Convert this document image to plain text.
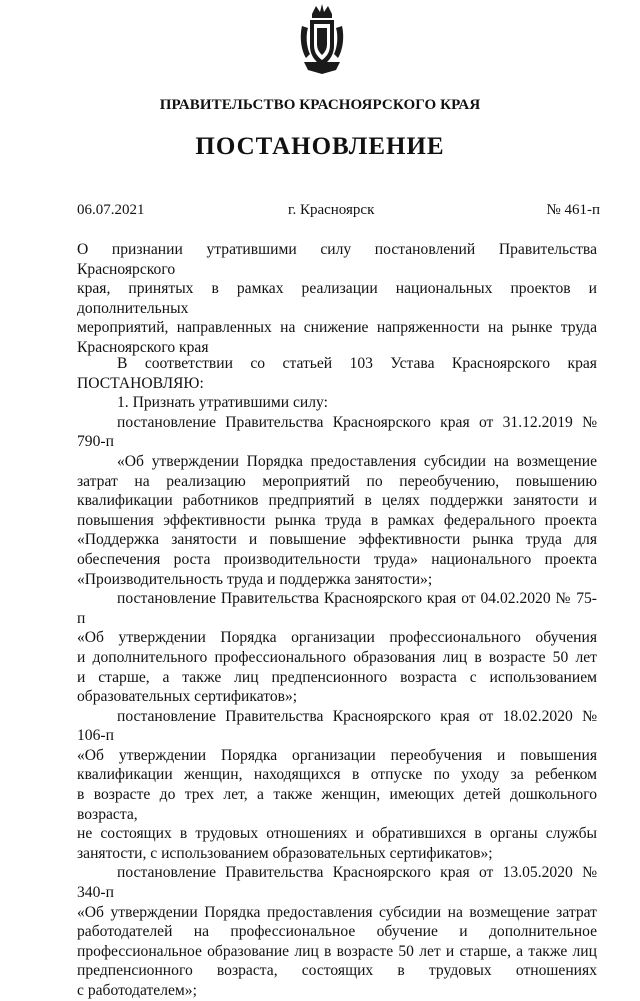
ПРАВИТЕЛЬСТВО КРАСНОЯРСКОГО КРАЯ
ПОСТАНОВЛЕНИЕ
06.07.2021	г. Красноярск	№ 461-п
О признании утратившими силу постановлений Правительства Красноярского
края, принятых в рамках реализации национальных проектов и дополнительных
мероприятий, направленных на снижение напряженности на рынке труда
Красноярского края
В соответствии со статьей 103 Устава Красноярского края
ПОСТАНОВЛЯЮ:
1. Признать утратившими силу:
постановление Правительства Красноярского края от 31.12.2019 № 790-п
«Об утверждении Порядка предоставления субсидии на возмещение
затрат на реализацию мероприятий по переобучению, повышению
квалификации работников предприятий в целях поддержки занятости и
повышения эффективности рынка труда в рамках федерального проекта
«Поддержка занятости и повышение эффективности рынка труда для
обеспечения роста производительности труда» национального проекта
«Производительность труда и поддержка занятости»;
постановление Правительства Красноярского края от 04.02.2020 № 75-п
«Об утверждении Порядка организации профессионального обучения
и дополнительного профессионального образования лиц в возрасте 50 лет
и старше, а также лиц предпенсионного возраста с использованием
образовательных сертификатов»;
постановление Правительства Красноярского края от 18.02.2020 № 106-п
«Об утверждении Порядка организации переобучения и повышения
квалификации женщин, находящихся в отпуске по уходу за ребенком
в возрасте до трех лет, а также женщин, имеющих детей дошкольного возраста,
не состоящих в трудовых отношениях и обратившихся в органы службы
занятости, с использованием образовательных сертификатов»;
постановление Правительства Красноярского края от 13.05.2020 № 340-п
«Об утверждении Порядка предоставления субсидии на возмещение затрат
работодателей на профессиональное обучение и дополнительное
профессиональное образование лиц в возрасте 50 лет и старше, а также лиц
предпенсионного возраста, состоящих в трудовых отношениях
с работодателем»;
